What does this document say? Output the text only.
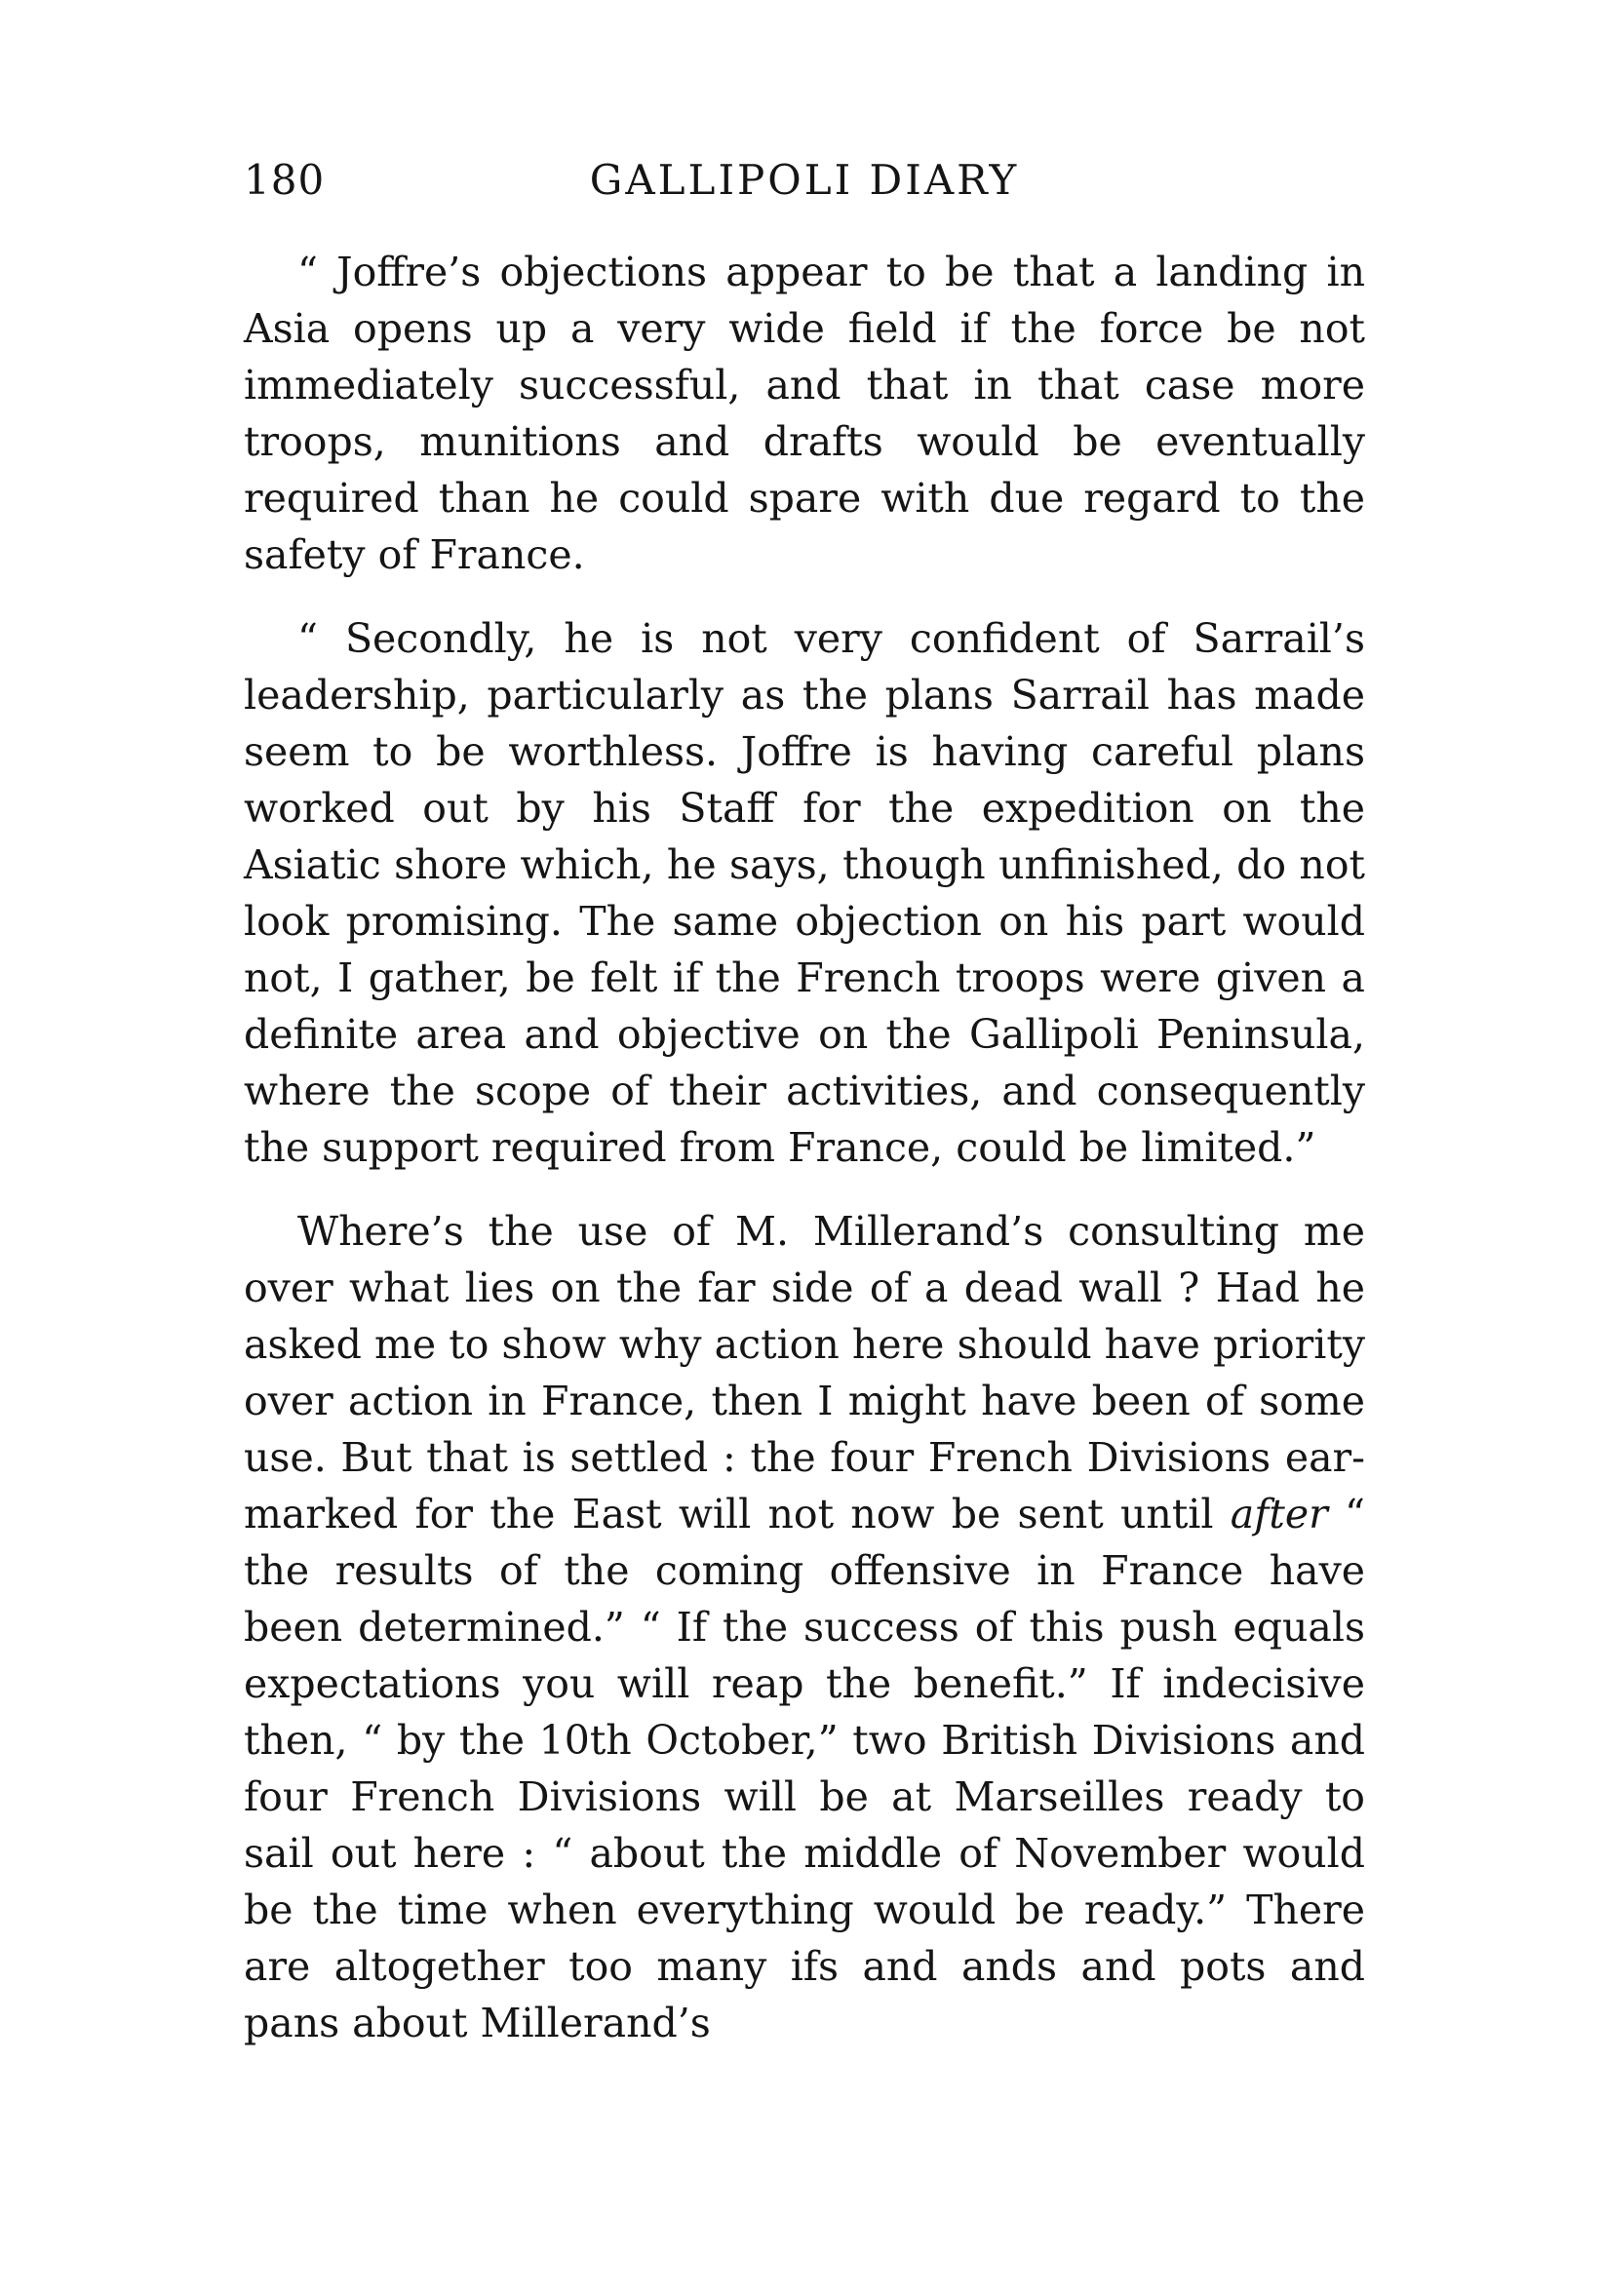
180	GALLIPOLI DIARY

“ Joffre’s objections appear to be that a landing in Asia opens up a very wide field if the force be not immediately successful, and that in that case more troops, munitions and drafts would be eventually required than he could spare with due regard to the safety of France.

“ Secondly, he is not very confident of Sarrail’s leadership, particularly as the plans Sarrail has made seem to be worthless. Joffre is having careful plans worked out by his Staff for the expedition on the Asiatic shore which, he says, though unfinished, do not look promising. The same objection on his part would not, I gather, be felt if the French troops were given a definite area and objective on the Gallipoli Peninsula, where the scope of their activities, and consequently the support required from France, could be limited.”

Where’s the use of M. Millerand’s consulting me over what lies on the far side of a dead wall ? Had he asked me to show why action here should have priority over action in France, then I might have been of some use. But that is settled : the four French Divisions ear-marked for the East will not now be sent until after “ the results of the coming offensive in France have been determined.” “ If the success of this push equals expectations you will reap the benefit.” If indecisive then, “ by the 10th October,” two British Divisions and four French Divisions will be at Marseilles ready to sail out here : “ about the middle of November would be the time when everything would be ready.” There are altogether too many ifs and ands and pots and pans about Millerand’s
